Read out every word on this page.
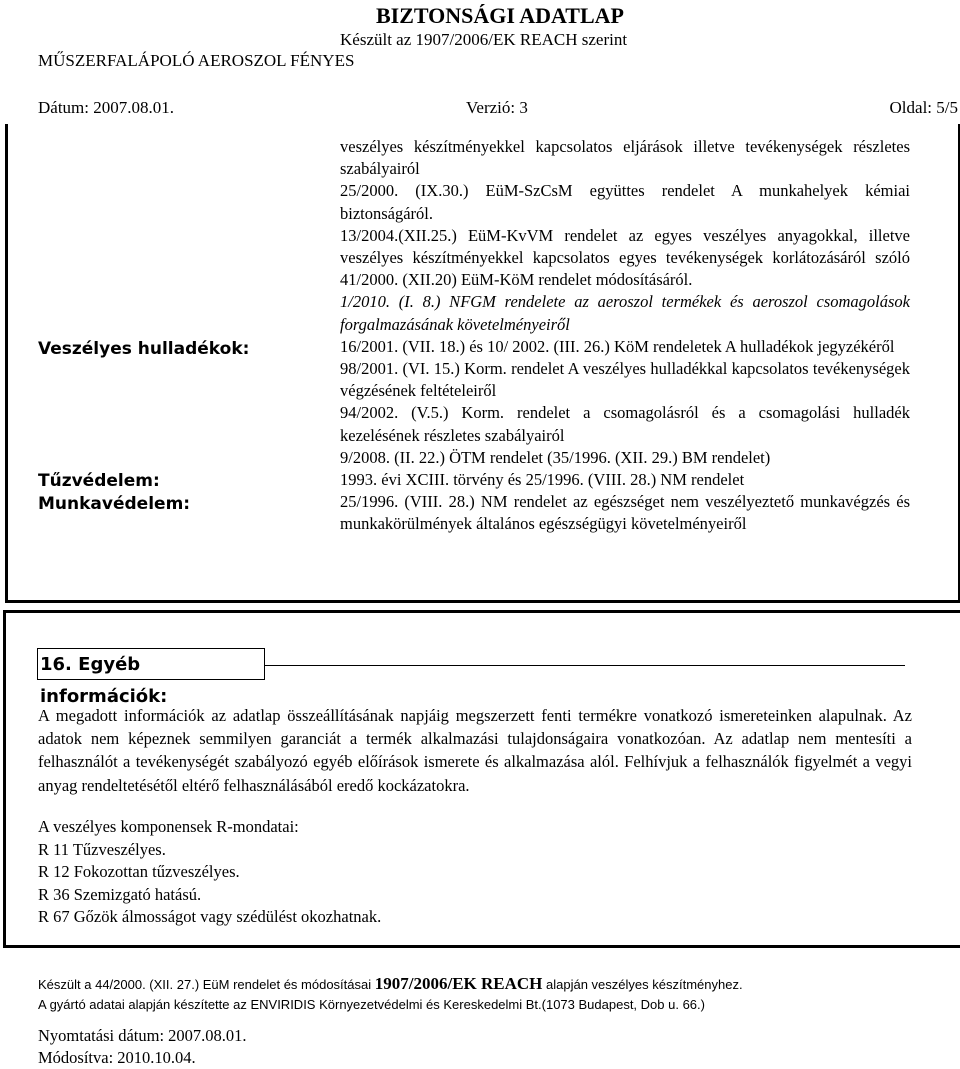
BIZTONSÁGI ADATLAP
Készült az 1907/2006/EK REACH szerint
MŰSZERFALÁPOLÓ AEROSZOL FÉNYES
Dátum: 2007.08.01.	Verzió: 3	Oldal: 5/5
Veszélyes hulladékok:
Tűzvédelem:
Munkavédelem:

veszélyes készítményekkel kapcsolatos eljárások illetve tevékenységek részletes szabályairól

25/2000. (IX.30.) EüM-SzCsM együttes rendelet A munkahelyek kémiai biztonságáról.

13/2004.(XII.25.) EüM-KvVM rendelet az egyes veszélyes anyagokkal, illetve veszélyes készítményekkel kapcsolatos egyes tevékenységek korlátozásáról szóló 41/2000. (XII.20) EüM-KöM rendelet módosításáról.

1/2010. (I. 8.) NFGM rendelete az aeroszol termékek és aeroszol csomagolások forgalmazásának követelményeiről

16/2001. (VII. 18.) és 10/ 2002. (III. 26.) KöM rendeletek A hulladékok jegyzékéről

98/2001. (VI. 15.) Korm. rendelet A veszélyes hulladékkal kapcsolatos tevékenységek végzésének feltételeiről

94/2002. (V.5.) Korm. rendelet a csomagolásról és a csomagolási hulladék kezelésének részletes szabályairól

9/2008. (II. 22.) ÖTM rendelet (35/1996. (XII. 29.) BM rendelet)

1993. évi XCIII. törvény és 25/1996. (VIII. 28.) NM rendelet

25/1996. (VIII. 28.) NM rendelet az egészséget nem veszélyeztető munkavégzés és munkakörülmények általános egészségügyi követelményeiről

16. Egyéb információk:
A megadott információk az adatlap összeállításának napjáig megszerzett fenti termékre vonatkozó ismereteinken alapulnak. Az adatok nem képeznek semmilyen garanciát a termék alkalmazási tulajdonságaira vonatkozóan. Az adatlap nem mentesíti a felhasználót a tevékenységét szabályozó egyéb előírások ismerete és alkalmazása alól. Felhívjuk a felhasználók figyelmét a vegyi anyag rendeltetésétől eltérő felhasználásából eredő kockázatokra.
A veszélyes komponensek R-mondatai:
R 11 Tűzveszélyes.
R 12 Fokozottan tűzveszélyes.
R 36 Szemizgató hatású.
R 67 Gőzök álmosságot vagy szédülést okozhatnak.
Készült a 44/2000. (XII. 27.) EüM rendelet és módosításai 1907/2006/EK REACH alapján veszélyes készítményhez.
A gyártó adatai alapján készítette az ENVIRIDIS Környezetvédelmi és Kereskedelmi Bt.(1073 Budapest, Dob u. 66.)
Nyomtatási dátum: 2007.08.01.
Módosítva: 2010.10.04.
